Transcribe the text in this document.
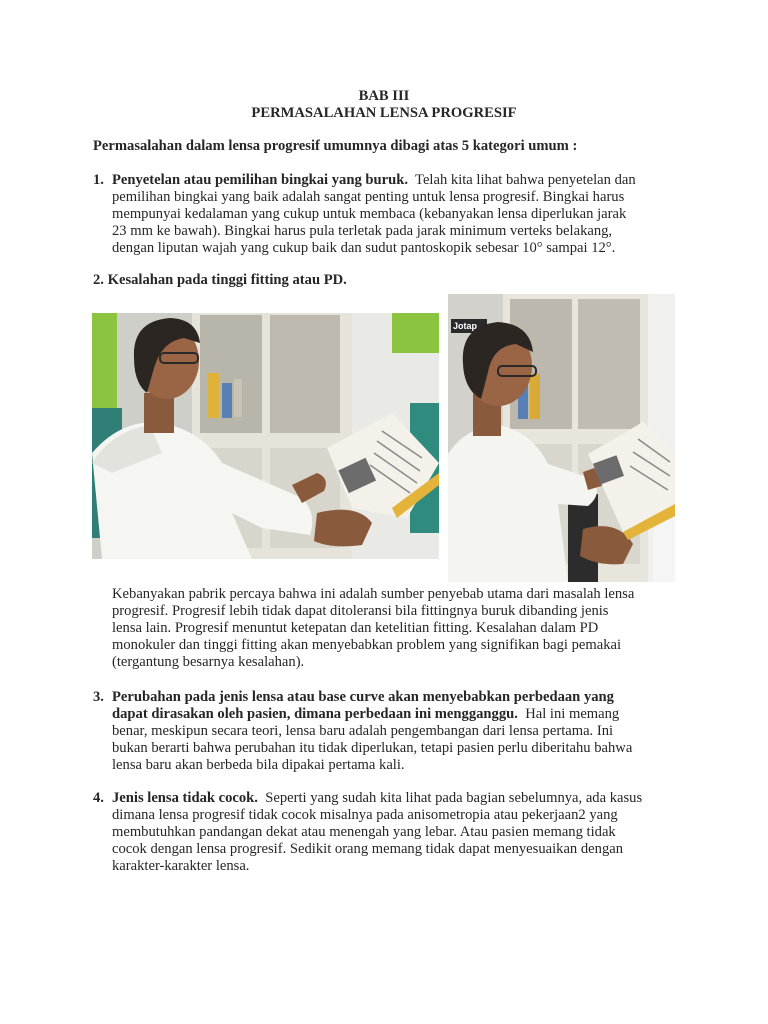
BAB III
PERMASALAHAN LENSA PROGRESIF
Permasalahan dalam lensa progresif umumnya dibagi atas 5 kategori umum :
1. Penyetelan atau pemilihan bingkai yang buruk. Telah kita lihat bahwa penyetelan dan

pemilihan bingkai yang baik adalah sangat penting untuk lensa progresif. Bingkai harus

mempunyai kedalaman yang cukup untuk membaca (kebanyakan lensa diperlukan jarak

23 mm ke bawah). Bingkai harus pula terletak pada jarak minimum verteks belakang,

dengan liputan wajah yang cukup baik dan sudut pantoskopik sebesar 10° sampai 12°.

2. Kesalahan pada tinggi fitting atau PD.
Jotap

Kebanyakan pabrik percaya bahwa ini adalah sumber penyebab utama dari masalah lensa

progresif. Progresif lebih tidak dapat ditoleransi bila fittingnya buruk dibanding jenis

lensa lain. Progresif menuntut ketepatan dan ketelitian fitting. Kesalahan dalam PD

monokuler dan tinggi fitting akan menyebabkan problem yang signifikan bagi pemakai

(tergantung besarnya kesalahan).

3. Perubahan pada jenis lensa atau base curve akan menyebabkan perbedaan yang

dapat dirasakan oleh pasien, dimana perbedaan ini mengganggu. Hal ini memang

benar, meskipun secara teori, lensa baru adalah pengembangan dari lensa pertama. Ini

bukan berarti bahwa perubahan itu tidak diperlukan, tetapi pasien perlu diberitahu bahwa

lensa baru akan berbeda bila dipakai pertama kali.

4. Jenis lensa tidak cocok. Seperti yang sudah kita lihat pada bagian sebelumnya, ada kasus

dimana lensa progresif tidak cocok misalnya pada anisometropia atau pekerjaan2 yang

membutuhkan pandangan dekat atau menengah yang lebar. Atau pasien memang tidak

cocok dengan lensa progresif. Sedikit orang memang tidak dapat menyesuaikan dengan

karakter-karakter lensa.
